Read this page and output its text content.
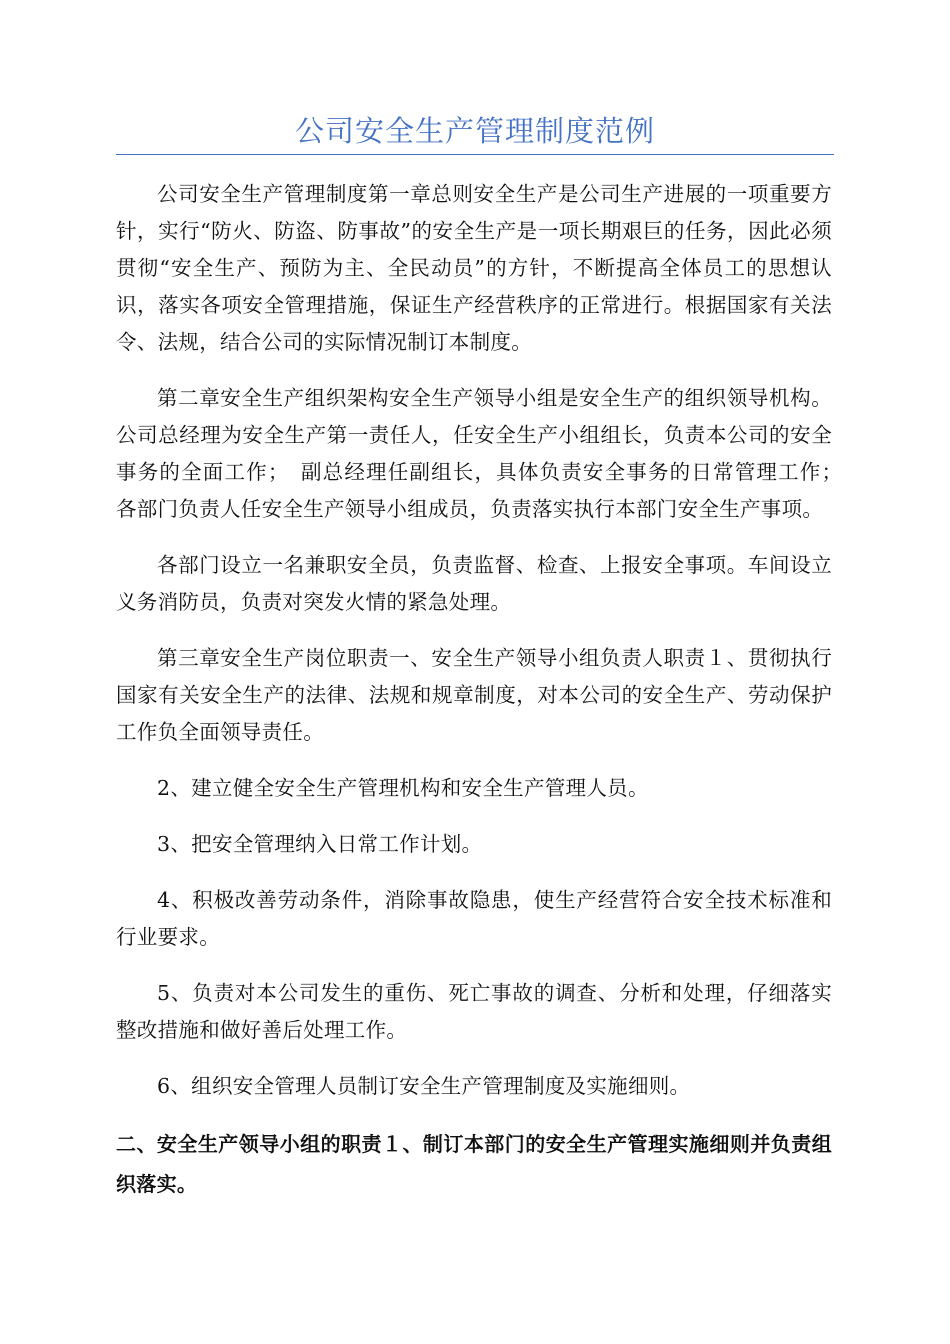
公司安全生产管理制度范例

公司安全生产管理制度第一章总则安全生产是公司生产进展的一项重要方针，实行“防火、防盗、防事故”的安全生产是一项长期艰巨的任务，因此必须贯彻“安全生产、预防为主、全民动员”的方针，不断提高全体员工的思想认识，落实各项安全管理措施，保证生产经营秩序的正常进行。根据国家有关法令、法规，结合公司的实际情况制订本制度。

第二章安全生产组织架构安全生产领导小组是安全生产的组织领导机构。公司总经理为安全生产第一责任人，任安全生产小组组长，负责本公司的安全事务的全面工作；　副总经理任副组长，具体负责安全事务的日常管理工作；　各部门负责人任安全生产领导小组成员，负责落实执行本部门安全生产事项。

各部门设立一名兼职安全员，负责监督、检查、上报安全事项。车间设立义务消防员，负责对突发火情的紧急处理。

第三章安全生产岗位职责一、安全生产领导小组负责人职责１、贯彻执行国家有关安全生产的法律、法规和规章制度，对本公司的安全生产、劳动保护工作负全面领导责任。

2、建立健全安全生产管理机构和安全生产管理人员。

3、把安全管理纳入日常工作计划。

4、积极改善劳动条件，消除事故隐患，使生产经营符合安全技术标准和行业要求。

5、负责对本公司发生的重伤、死亡事故的调查、分析和处理，仔细落实整改措施和做好善后处理工作。

6、组织安全管理人员制订安全生产管理制度及实施细则。

二、安全生产领导小组的职责１、制订本部门的安全生产管理实施细则并负责组织落实。
